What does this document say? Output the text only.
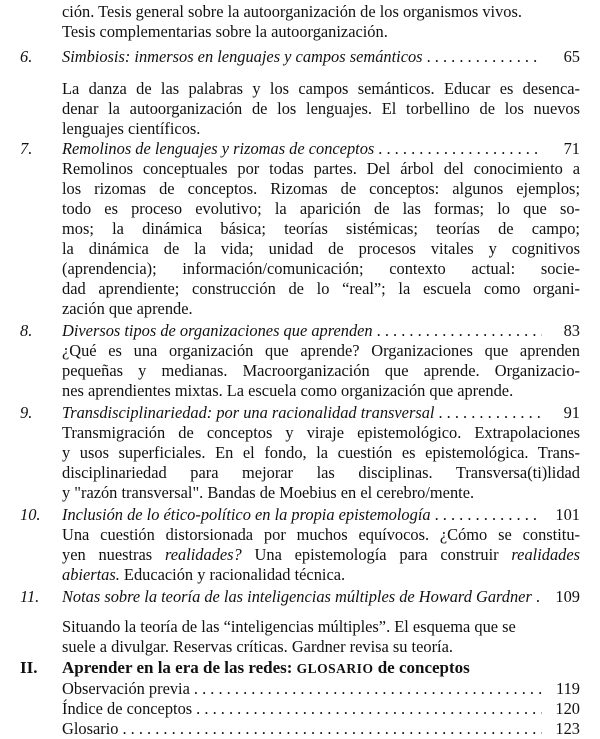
ción. Tesis general sobre la autoorganización de los organismos vivos.
Tesis complementarias sobre la autoorganización.
6. Simbiosis: inmersos en lenguajes y campos semánticos . . .	65
La danza de las palabras y los campos semánticos. Educar es desenca-
denar la autoorganización de los lenguajes. El torbellino de los nuevos
lenguajes científicos.
7. Remolinos de lenguajes y rizomas de conceptos . . .	71
Remolinos conceptuales por todas partes. Del árbol del conocimiento a
los rizomas de conceptos. Rizomas de conceptos: algunos ejemplos;
todo es proceso evolutivo; la aparición de las formas; lo que so-
mos; la dinámica básica; teorías sistémicas; teorías de campo;
la dinámica de la vida; unidad de procesos vitales y cognitivos
(aprendencia); información/comunicación; contexto actual: socie-
dad aprendiente; construcción de lo “real”; la escuela como organi-
zación que aprende.
8. Diversos tipos de organizaciones que aprenden . . .	83
¿Qué es una organización que aprende? Organizaciones que aprenden
pequeñas y medianas. Macroorganización que aprende. Organizacio-
nes aprendientes mixtas. La escuela como organización que aprende.
9. Transdisciplinariedad: por una racionalidad transversal . . .	91
Transmigración de conceptos y viraje epistemológico. Extrapolaciones
y usos superficiales. En el fondo, la cuestión es epistemológica. Trans-
disciplinariedad para mejorar las disciplinas. Transversa(ti)lidad
y "razón transversal". Bandas de Moebius en el cerebro/mente.
10. Inclusión de lo ético-político en la propia epistemología . . .	101
Una cuestión distorsionada por muchos equívocos. ¿Cómo se constitu-
yen nuestras realidades? Una epistemología para construir realidades
abiertas. Educación y racionalidad técnica.
11. Notas sobre la teoría de las inteligencias múltiples de Howard Gardner . . . 109
Situando la teoría de las “inteligencias múltiples”. El esquema que se
suele a divulgar. Reservas críticas. Gardner revisa su teoría.
II. Aprender en la era de las redes: GLOSARIO de conceptos
Observación previa . . .	119
Índice de conceptos . . .	120
Glosario . . .	123
